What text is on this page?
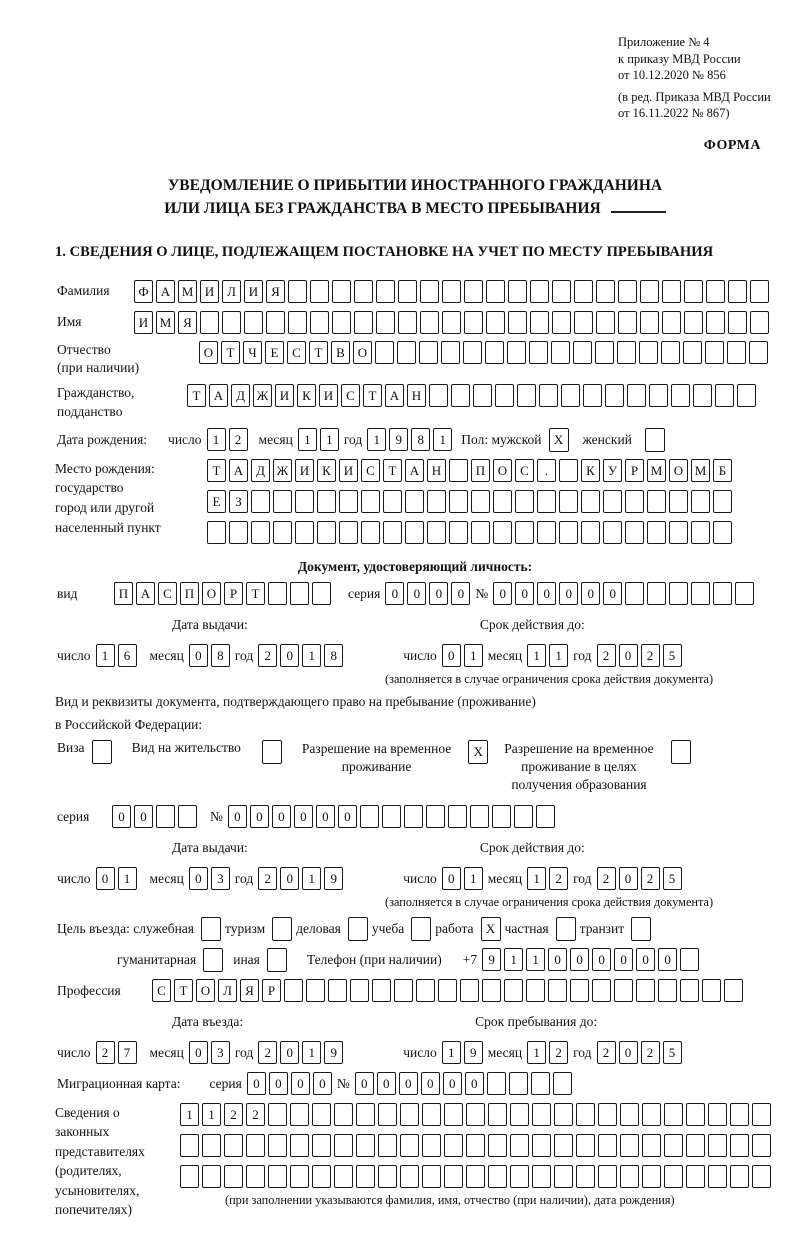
Приложение № 4
к приказу МВД России
от 10.12.2020 № 856
(в ред. Приказа МВД России
от 16.11.2022 № 867)
ФОРМА
УВЕДОМЛЕНИЕ О ПРИБЫТИИ ИНОСТРАННОГО ГРАЖДАНИНА
ИЛИ ЛИЦА БЕЗ ГРАЖДАНСТВА В МЕСТО ПРЕБЫВАНИЯ
1. СВЕДЕНИЯ О ЛИЦЕ, ПОДЛЕЖАЩЕМ ПОСТАНОВКЕ НА УЧЕТ ПО МЕСТУ ПРЕБЫВАНИЯ
Фамилия	Ф А М И Л И Я
Имя	И М Я
Отчество
(при наличии)
О	Т	Ч	Е	С	Т	В О
Гражданство,
подданство
Т	А Д Ж И К И С	Т	А Н
Дата рождения: число 1	2	месяц 1	1 год 1	9	8	1	Пол: мужской X	женский
Место рождения:
государство
город или другой
населенный пункт
Т	А Д Ж И К И С	Т	А Н	П О С	.	К	У	Р М О М Б
Е	З
Документ, удостоверяющий личность:
вид	П А С П О	Р	Т	серия 0	0	0	0 № 0	0	0	0	0	0
Дата выдачи:	Срок действия до:
число 1	6	месяц 0	8 год 2	0	1	8	число 0	1 месяц 1	1 год 2	0	2	5
(заполняется в случае ограничения срока действия документа)
Вид и реквизиты документа, подтверждающего право на пребывание (проживание)
в Российской Федерации:
Виза	Вид на жительство	Разрешение на временное
проживание
X	Разрешение на временное
проживание в целях
получения образования
серия	0	0	№ 0	0	0	0	0	0
Дата выдачи:	Срок действия до:
число 0	1	месяц 0	3 год 2	0	1	9	число 0	1 месяц 1	2 год 2	0	2	5
(заполняется в случае ограничения срока действия документа)
Цель въезда: служебная туризм деловая учеба работа X частная транзит
гуманитарная	иная	Телефон (при наличии) +7 9	1	1	0	0	0	0	0	0
Профессия	С	Т	О Л	Я	Р
Дата въезда:	Срок пребывания до:
число 2	7	месяц 0	3 год 2	0	1	9	число 1	9 месяц 1	2 год 2	0	2	5
Миграционная карта: серия 0	0	0	0 № 0	0	0	0	0	0
Сведения о
законных
представителях
(родителях,
усыновителях,
попечителях)
1	1	2	2
(при заполнении указываются фамилия, имя, отчество (при наличии), дата рождения)
